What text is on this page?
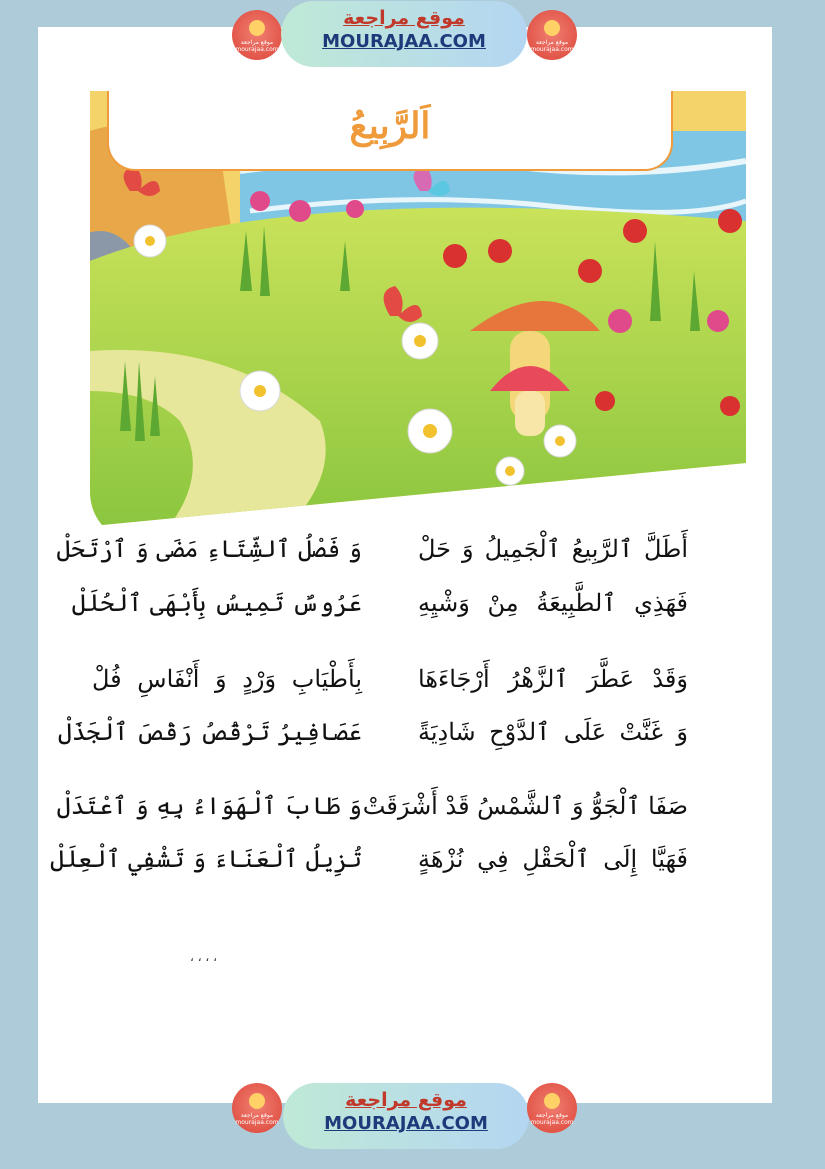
موقع مراجعة mourajaa.com
موقع مراجعة
MOURAJAA.COM	موقع مراجعة mourajaa.com
اَلرَّبِيعُ
أَطَلَّ ٱلرَّبِيعُ ٱلْجَمِيلُ وَ حَلْ
وَ فَصْلُ ٱلشِّتَاءِ مَضَى وَ ٱرْتَحَلْ
فَهَذِي ٱلطَّبِيعَةُ مِنْ وَشْيِهِ
عَرُوسٌ تَمِيسُ بِأَبْهَى ٱلْحُلَلْ
وَقَدْ عَطَّرَ ٱلزَّهْرُ أَرْجَاءَهَا
بِأَطْيَابِ وَرْدٍ وَ أَنْفَاسِ فُلْ
وَ غَنَّتْ عَلَى ٱلدَّوْحِ شَادِيَةً
عَصَافِيرُ تَرْقُصُ رَقْصَ ٱلْجَذَلْ
صَفَا ٱلْجَوُّ وَ ٱلشَّمْسُ قَدْ أَشْرَقَتْ
وَ طَابَ ٱلْهَوَاءُ بِهِ وَ ٱعْتَدَلْ
فَهَيَّا إِلَى ٱلْحَقْلِ فِي نُزْهَةٍ
تُزِيلُ ٱلْعَنَاءَ وَ تَشْفِي ٱلْعِلَلْ
، ، ، ،
موقع مراجعة mourajaa.com
موقع مراجعة
MOURAJAA.COM	موقع مراجعة mourajaa.com
